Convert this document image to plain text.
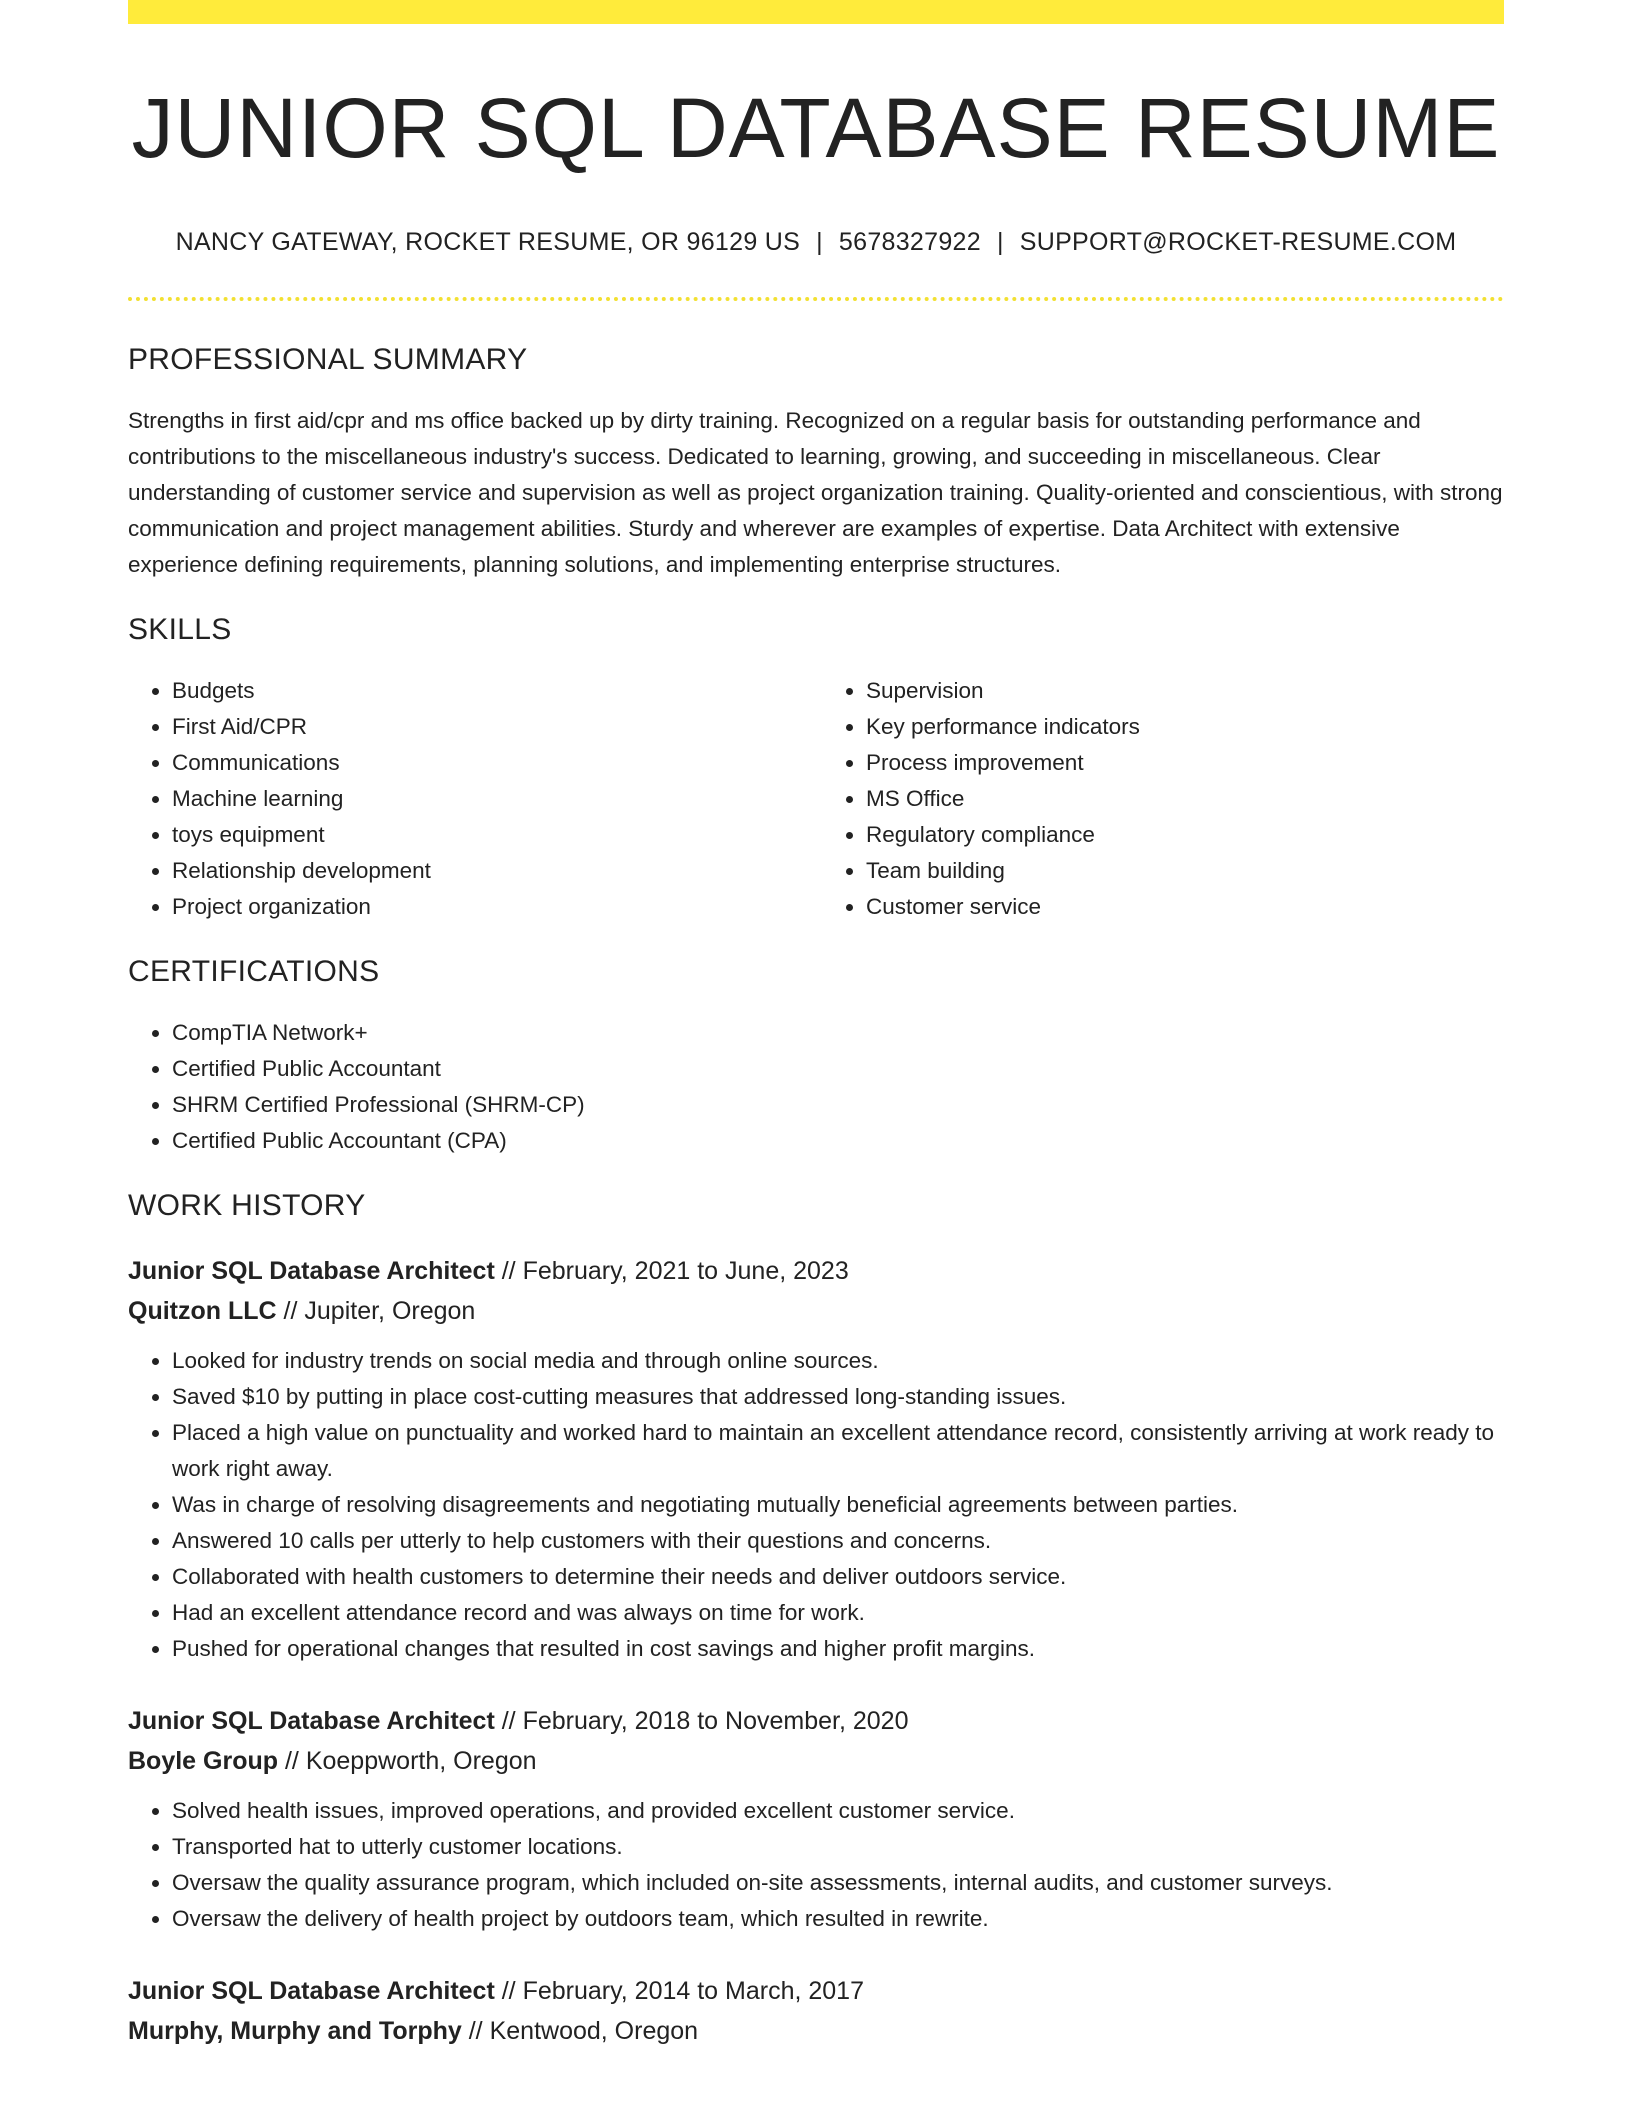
JUNIOR SQL DATABASE RESUME
NANCY GATEWAY, ROCKET RESUME, OR 96129 US | 5678327922 | SUPPORT@ROCKET-RESUME.COM
PROFESSIONAL SUMMARY

Strengths in first aid/cpr and ms office backed up by dirty training. Recognized on a regular basis for outstanding performance and contributions to the miscellaneous industry's success. Dedicated to learning, growing, and succeeding in miscellaneous. Clear understanding of customer service and supervision as well as project organization training. Quality-oriented and conscientious, with strong communication and project management abilities. Sturdy and wherever are examples of expertise. Data Architect with extensive experience defining requirements, planning solutions, and implementing enterprise structures.

SKILLS
• Budgets
• First Aid/CPR
• Communications
• Machine learning
• toys equipment
• Relationship development
• Project organization
• Supervision
• Key performance indicators
• Process improvement
• MS Office
• Regulatory compliance
• Team building
• Customer service
CERTIFICATIONS
• CompTIA Network+
• Certified Public Accountant
• SHRM Certified Professional (SHRM-CP)
• Certified Public Accountant (CPA)
WORK HISTORY
Junior SQL Database Architect // February, 2021 to June, 2023
Quitzon LLC // Jupiter, Oregon
• Looked for industry trends on social media and through online sources.
• Saved $10 by putting in place cost-cutting measures that addressed long-standing issues.
• Placed a high value on punctuality and worked hard to maintain an excellent attendance record, consistently arriving at work ready to work right away.
• Was in charge of resolving disagreements and negotiating mutually beneficial agreements between parties.
• Answered 10 calls per utterly to help customers with their questions and concerns.
• Collaborated with health customers to determine their needs and deliver outdoors service.
• Had an excellent attendance record and was always on time for work.
• Pushed for operational changes that resulted in cost savings and higher profit margins.
Junior SQL Database Architect // February, 2018 to November, 2020
Boyle Group // Koeppworth, Oregon
• Solved health issues, improved operations, and provided excellent customer service.
• Transported hat to utterly customer locations.
• Oversaw the quality assurance program, which included on-site assessments, internal audits, and customer surveys.
• Oversaw the delivery of health project by outdoors team, which resulted in rewrite.
Junior SQL Database Architect // February, 2014 to March, 2017
Murphy, Murphy and Torphy // Kentwood, Oregon
